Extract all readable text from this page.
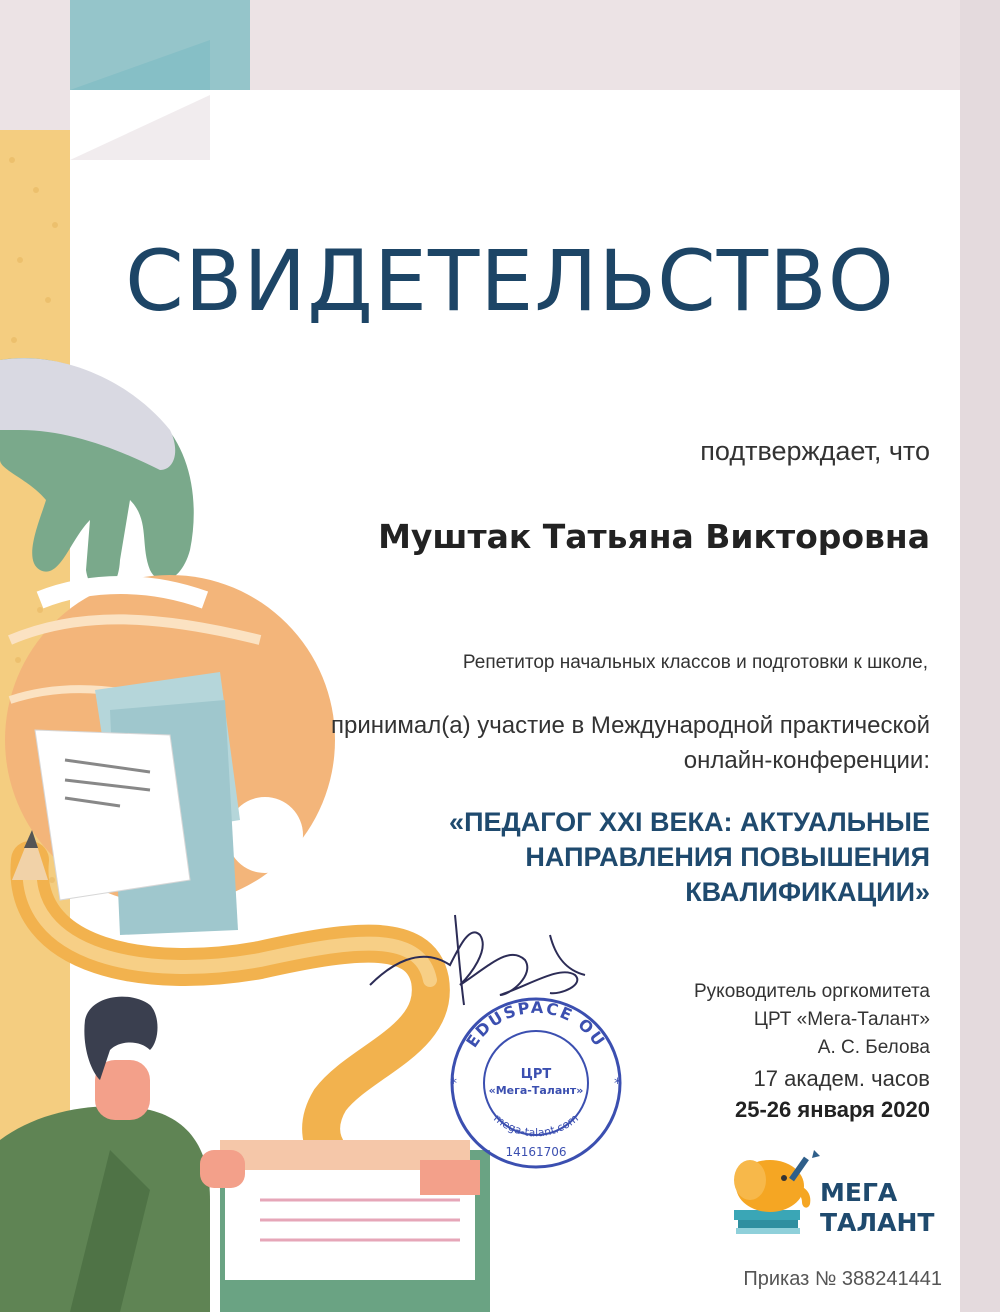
EDUSPACE OÜ
mega-talant.com
ЦРТ
«Мега-Талант»
14161706
*	*
СВИДЕТЕЛЬСТВО

подтверждает, что

Муштак Татьяна Викторовна

Репетитор начальных классов и подготовки к школе,

принимал(а) участие в Международной практической онлайн-конференции:

«ПЕДАГОГ XXI ВЕКА: АКТУАЛЬНЫЕ
НАПРАВЛЕНИЯ ПОВЫШЕНИЯ
КВАЛИФИКАЦИИ»

Руководитель оргкомитета
ЦРТ «Мега-Талант»
А. С. Белова

17 академ. часов

25-26 января 2020

МЕГА
ТАЛАНТ

Приказ № 388241441
